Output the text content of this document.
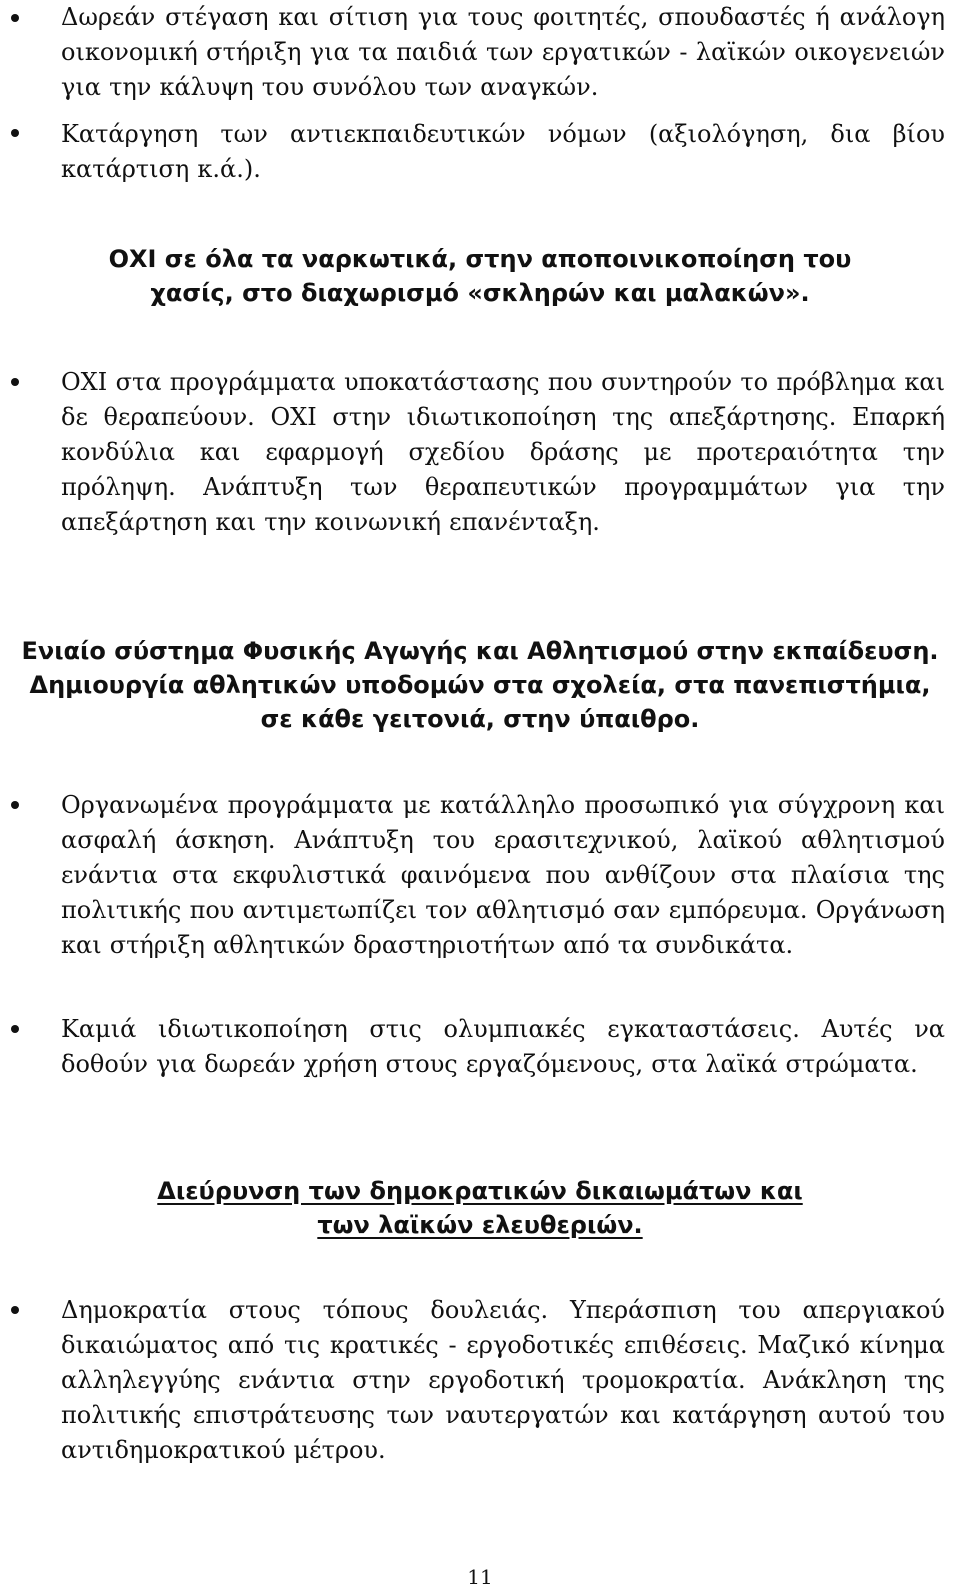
Δωρεάν στέγαση και σίτιση για τους φοιτητές, σπουδαστές ή ανάλογη οικονομική στήριξη για τα παιδιά των εργατικών - λαϊκών οικογενειών για την κάλυψη του συνόλου των αναγκών.
Κατάργηση των αντιεκπαιδευτικών νόμων (αξιολόγηση, δια βίου κατάρτιση κ.ά.).
ΟΧΙ σε όλα τα ναρκωτικά, στην αποποινικοποίηση του χασίς, στο διαχωρισμό «σκληρών και μαλακών».
ΟΧΙ στα προγράμματα υποκατάστασης που συντηρούν το πρόβλημα και δε θεραπεύουν. ΟΧΙ στην ιδιωτικοποίηση της απεξάρτησης. Επαρκή κονδύλια και εφαρμογή σχεδίου δράσης με προτεραιότητα την πρόληψη. Ανάπτυξη των θεραπευτικών προγραμμάτων για την απεξάρτηση και την κοινωνική επανένταξη.
Ενιαίο σύστημα Φυσικής Αγωγής και Αθλητισμού στην εκπαίδευση. Δημιουργία αθλητικών υποδομών στα σχολεία, στα πανεπιστήμια, σε κάθε γειτονιά, στην ύπαιθρο.
Οργανωμένα προγράμματα με κατάλληλο προσωπικό για σύγχρονη και ασφαλή άσκηση. Ανάπτυξη του ερασιτεχνικού, λαϊκού αθλητισμού ενάντια στα εκφυλιστικά φαινόμενα που ανθίζουν στα πλαίσια της πολιτικής που αντιμετωπίζει τον αθλητισμό σαν εμπόρευμα. Οργάνωση και στήριξη αθλητικών δραστηριοτήτων από τα συνδικάτα.
Καμιά ιδιωτικοποίηση στις ολυμπιακές εγκαταστάσεις. Αυτές να δοθούν για δωρεάν χρήση στους εργαζόμενους, στα λαϊκά στρώματα.
Διεύρυνση των δημοκρατικών δικαιωμάτων και των λαϊκών ελευθεριών.
Δημοκρατία στους τόπους δουλειάς. Υπεράσπιση του απεργιακού δικαιώματος από τις κρατικές - εργοδοτικές επιθέσεις. Μαζικό κίνημα αλληλεγγύης ενάντια στην εργοδοτική τρομοκρατία. Ανάκληση της πολιτικής επιστράτευσης των ναυτεργατών και κατάργηση αυτού του αντιδημοκρατικού μέτρου.
11
